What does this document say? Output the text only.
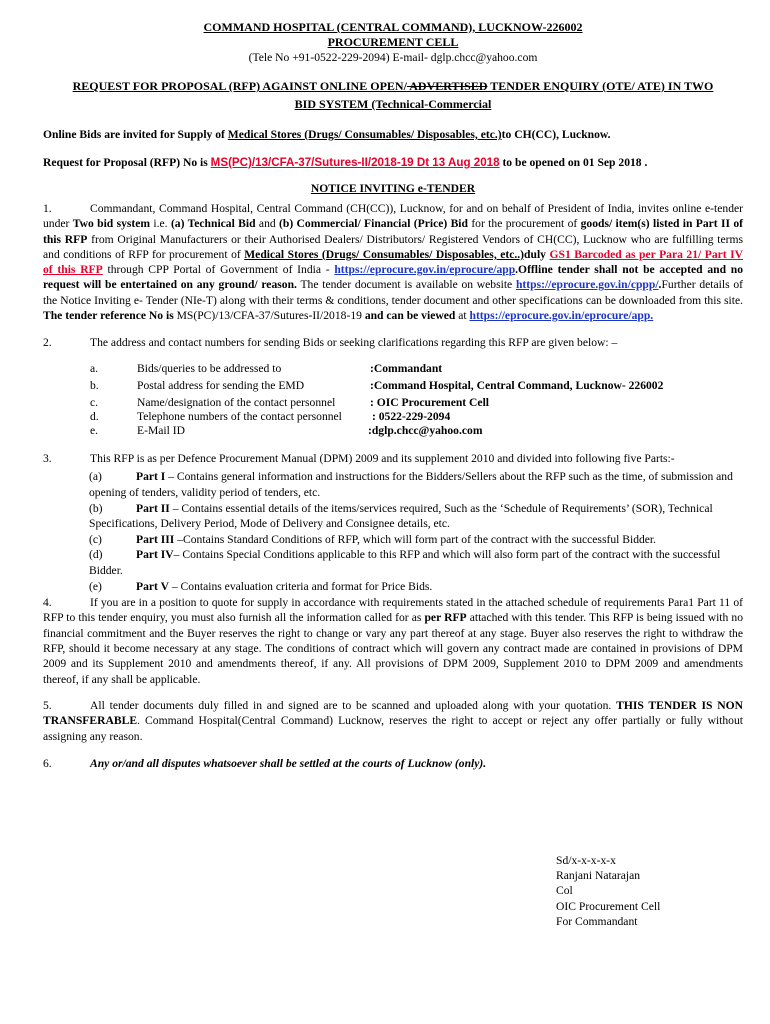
COMMAND HOSPITAL (CENTRAL COMMAND), LUCKNOW-226002
PROCUREMENT CELL
(Tele No +91-0522-229-2094) E-mail- dglp.chcc@yahoo.com
REQUEST FOR PROPOSAL (RFP) AGAINST ONLINE OPEN/ ADVERTISED TENDER ENQUIRY (OTE/ ATE) IN TWO
BID SYSTEM (Technical-Commercial

Online Bids are invited for Supply of Medical Stores (Drugs/ Consumables/ Disposables, etc.)to CH(CC), Lucknow.

Request for Proposal (RFP) No is MS(PC)/13/CFA-37/Sutures-II/2018-19 Dt 13 Aug 2018 to be opened on 01 Sep 2018 .

NOTICE INVITING e-TENDER

1.	Commandant, Command Hospital, Central Command (CH(CC)), Lucknow, for and on behalf of President of India, invites online e-tender under Two bid system i.e. (a) Technical Bid and (b) Commercial/ Financial (Price) Bid for the procurement of goods/ item(s) listed in Part II of this RFP from Original Manufacturers or their Authorised Dealers/ Distributors/ Registered Vendors of CH(CC), Lucknow who are fulfilling terms and conditions of RFP for procurement of Medical Stores (Drugs/ Consumables/ Disposables, etc..)duly GS1 Barcoded as per Para 21/ Part IV of this RFP through CPP Portal of Government of India - https://eprocure.gov.in/eprocure/app.Offline tender shall not be accepted and no request will be entertained on any ground/ reason. The tender document is available on website https://eprocure.gov.in/cppp/.Further details of the Notice Inviting e- Tender (NIe-T) along with their terms & conditions, tender document and other specifications can be downloaded from this site. The tender reference No is MS(PC)/13/CFA-37/Sutures-II/2018-19 and can be viewed at https://eprocure.gov.in/eprocure/app.

2.	The address and contact numbers for sending Bids or seeking clarifications regarding this RFP are given below: –

a.	Bids/queries to be addressed to	:Commandant
b.	Postal address for sending the EMD	:Command Hospital, Central Command, Lucknow- 226002
c.	Name/designation of the contact personnel	: OIC Procurement Cell
d.	Telephone numbers of the contact personnel	: 0522-229-2094
e.	E-Mail ID	:dglp.chcc@yahoo.com

3.	This RFP is as per Defence Procurement Manual (DPM) 2009 and its supplement 2010 and divided into following five Parts:-

(a)	Part I – Contains general information and instructions for the Bidders/Sellers about the RFP such as the time, of submission and opening of tenders, validity period of tenders, etc.
(b)	Part II – Contains essential details of the items/services required, Such as the ‘Schedule of Requirements’ (SOR), Technical Specifications, Delivery Period, Mode of Delivery and Consignee details, etc.
(c)	Part III –Contains Standard Conditions of RFP, which will form part of the contract with the successful Bidder.
(d)	Part IV– Contains Special Conditions applicable to this RFP and which will also form part of the contract with the successful Bidder.
(e)	Part V – Contains evaluation criteria and format for Price Bids.

4.	If you are in a position to quote for supply in accordance with requirements stated in the attached schedule of requirements Para1 Part 11 of RFP to this tender enquiry, you must also furnish all the information called for as per RFP attached with this tender. This RFP is being issued with no financial commitment and the Buyer reserves the right to change or vary any part thereof at any stage. Buyer also reserves the right to withdraw the RFP, should it become necessary at any stage. The conditions of contract which will govern any contract made are contained in provisions of DPM 2009 and its Supplement 2010 and amendments thereof, if any. All provisions of DPM 2009, Supplement 2010 to DPM 2009 and amendments thereof, if any shall be applicable.

5.	All tender documents duly filled in and signed are to be scanned and uploaded along with your quotation. THIS TENDER IS NON TRANSFERABLE. Command Hospital(Central Command) Lucknow, reserves the right to accept or reject any offer partially or fully without assigning any reason.

6.	Any or/and all disputes whatsoever shall be settled at the courts of Lucknow (only).

Sd/x-x-x-x-x
Ranjani Natarajan
Col
OIC Procurement Cell
For Commandant
